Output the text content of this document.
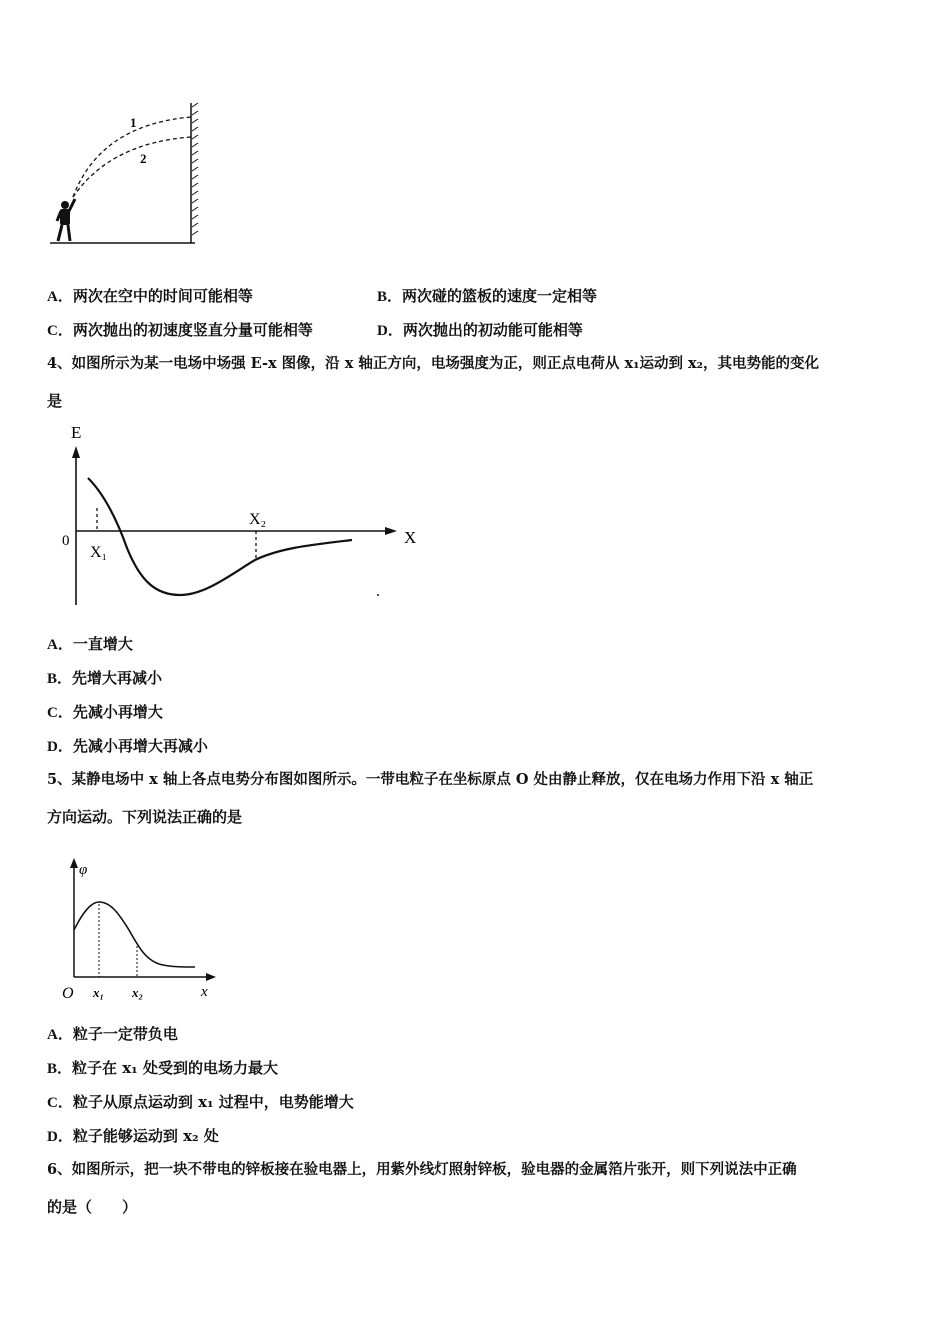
1
2
A．两次在空中的时间可能相等	B．两次碰的篮板的速度一定相等
C．两次抛出的初速度竖直分量可能相等	D．两次抛出的初动能可能相等
4、如图所示为某一电场中场强 E-x 图像，沿 x 轴正方向，电场强度为正，则正点电荷从 x₁运动到 x₂，其电势能的变化
是
E
X
0
X₁
X₂
A．一直增大
B．先增大再减小
C．先减小再增大
D．先减小再增大再减小
5、某静电场中 x 轴上各点电势分布图如图所示。一带电粒子在坐标原点 O 处由静止释放，仅在电场力作用下沿 x 轴正
方向运动。下列说法正确的是
φ
x
O x₁ x₂
A．粒子一定带负电
B．粒子在 x₁ 处受到的电场力最大
C．粒子从原点运动到 x₁ 过程中，电势能增大
D．粒子能够运动到 x₂ 处
6、如图所示，把一块不带电的锌板接在验电器上，用紫外线灯照射锌板，验电器的金属箔片张开，则下列说法中正确
的是（　　）
